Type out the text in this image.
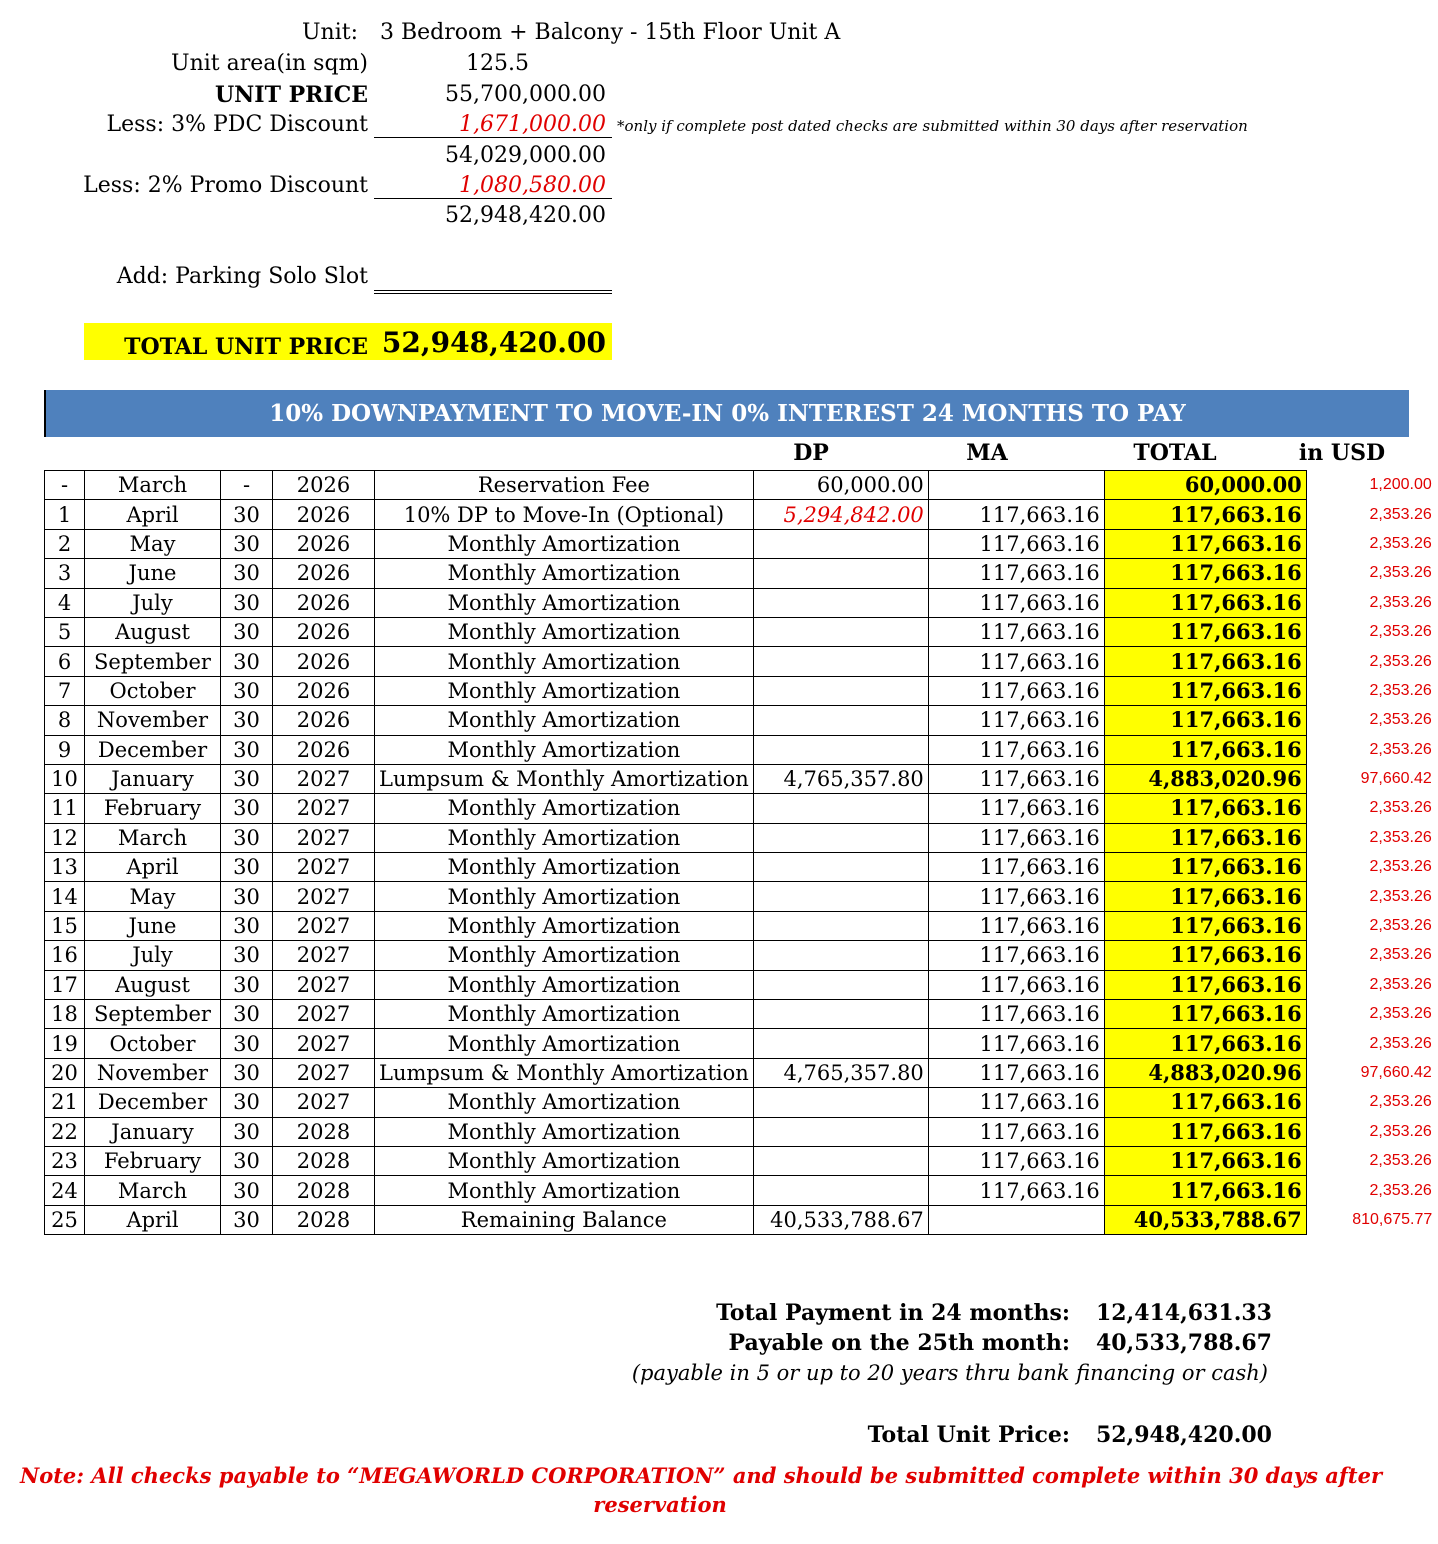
Unit: 3 Bedroom + Balcony - 15th Floor Unit A
Unit area(in sqm)	125.5
UNIT PRICE	55,700,000.00
Less: 3% PDC Discount	1,671,000.00 *only if complete post dated checks are submitted within 30 days after reservation
54,029,000.00
Less: 2% Promo Discount	1,080,580.00
52,948,420.00
Add: Parking Solo Slot
TOTAL UNIT PRICE 52,948,420.00
10% DOWNPAYMENT TO MOVE-IN 0% INTEREST 24 MONTHS TO PAY
DP	MA	TOTAL	in USD
-	March	-	2026	Reservation Fee	60,000.00		60,000.00	1,200.00
1	April	30	2026	10% DP to Move-In (Optional)	5,294,842.00	117,663.16	117,663.16	2,353.26
2	May	30	2026	Monthly Amortization		117,663.16	117,663.16	2,353.26
3	June	30	2026	Monthly Amortization		117,663.16	117,663.16	2,353.26
4	July	30	2026	Monthly Amortization		117,663.16	117,663.16	2,353.26
5	August	30	2026	Monthly Amortization		117,663.16	117,663.16	2,353.26
6	September	30	2026	Monthly Amortization		117,663.16	117,663.16	2,353.26
7	October	30	2026	Monthly Amortization		117,663.16	117,663.16	2,353.26
8	November	30	2026	Monthly Amortization		117,663.16	117,663.16	2,353.26
9	December	30	2026	Monthly Amortization		117,663.16	117,663.16	2,353.26
10	January	30	2027	Lumpsum & Monthly Amortization	4,765,357.80	117,663.16	4,883,020.96	97,660.42
11	February	30	2027	Monthly Amortization		117,663.16	117,663.16	2,353.26
12	March	30	2027	Monthly Amortization		117,663.16	117,663.16	2,353.26
13	April	30	2027	Monthly Amortization		117,663.16	117,663.16	2,353.26
14	May	30	2027	Monthly Amortization		117,663.16	117,663.16	2,353.26
15	June	30	2027	Monthly Amortization		117,663.16	117,663.16	2,353.26
16	July	30	2027	Monthly Amortization		117,663.16	117,663.16	2,353.26
17	August	30	2027	Monthly Amortization		117,663.16	117,663.16	2,353.26
18	September	30	2027	Monthly Amortization		117,663.16	117,663.16	2,353.26
19	October	30	2027	Monthly Amortization		117,663.16	117,663.16	2,353.26
20	November	30	2027	Lumpsum & Monthly Amortization	4,765,357.80	117,663.16	4,883,020.96	97,660.42
21	December	30	2027	Monthly Amortization		117,663.16	117,663.16	2,353.26
22	January	30	2028	Monthly Amortization		117,663.16	117,663.16	2,353.26
23	February	30	2028	Monthly Amortization		117,663.16	117,663.16	2,353.26
24	March	30	2028	Monthly Amortization		117,663.16	117,663.16	2,353.26
25	April	30	2028	Remaining Balance	40,533,788.67		40,533,788.67	810,675.77
Total Payment in 24 months: 12,414,631.33
Payable on the 25th month: 40,533,788.67
(payable in 5 or up to 20 years thru bank financing or cash)
Total Unit Price: 52,948,420.00
Note: All checks payable to “MEGAWORLD CORPORATION” and should be submitted complete within 30 days after
reservation
